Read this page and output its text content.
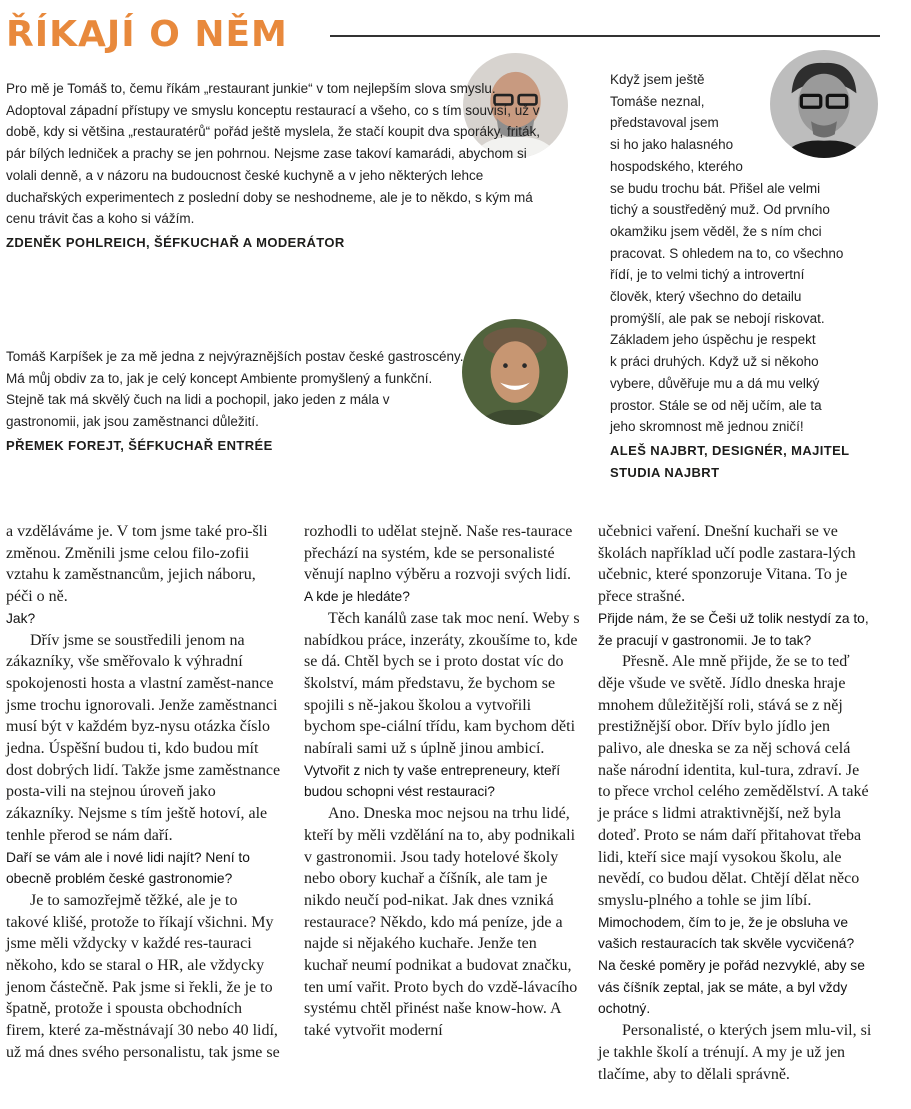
ŘÍKAJÍ O NĚM

Pro mě je Tomáš to, čemu říkám „restaurant junkie“ v tom nejlepším slova smyslu. Adoptoval západní přístupy ve smyslu konceptu restaurací a všeho, co s tím souvisí, už v době, kdy si většina „restauratérů“ pořád ještě myslela, že stačí koupit dva sporáky, friták, pár bílých ledniček a prachy se jen pohrnou. Nejsme zase takoví kamarádi, abychom si volali denně, a v názoru na budoucnost české kuchyně a v jeho některých lehce duchařských experimentech z poslední doby se neshodneme, ale je to někdo, s kým má cenu trávit čas a koho si vážím.

ZDENĚK POHLREICH, ŠÉFKUCHAŘ A MODERÁTOR

Tomáš Karpíšek je za mě jedna z nejvýraznějších postav české gastroscény. Má můj obdiv za to, jak je celý koncept Ambiente promyšlený a funkční. Stejně tak má skvělý čuch na lidi a pochopil, jako jeden z mála v gastronomii, jak jsou zaměstnanci důležití.

PŘEMEK FOREJT, ŠÉFKUCHAŘ ENTRÉE

Když jsem ještě

Tomáše neznal,

představoval jsem

si ho jako halasného

hospodského, kterého

se budu trochu bát. Přišel ale velmi

tichý a soustředěný muž. Od prvního

okamžiku jsem věděl, že s ním chci

pracovat. S ohledem na to, co všechno

řídí, je to velmi tichý a introvertní

člověk, který všechno do detailu

promýšlí, ale pak se nebojí riskovat.

Základem jeho úspěchu je respekt

k práci druhých. Když už si někoho

vybere, důvěřuje mu a dá mu velký

prostor. Stále se od něj učím, ale ta

jeho skromnost mě jednou zničí!

ALEŠ NAJBRT, DESIGNÉR, MAJITEL

STUDIA NAJBRT

a vzděláváme je. V tom jsme také pro-šli změnou. Změnili jsme celou filo-zofii vztahu k zaměstnancům, jejich náboru, péči o ně.

Jak?

Dřív jsme se soustředili jenom na zákazníky, vše směřovalo k výhradní spokojenosti hosta a vlastní zaměst-nance jsme trochu ignorovali. Jenže zaměstnanci musí být v každém byz-nysu otázka číslo jedna. Úspěšní budou ti, kdo budou mít dost dobrých lidí. Takže jsme zaměstnance posta-vili na stejnou úroveň jako zákazníky. Nejsme s tím ještě hotoví, ale tenhle přerod se nám daří.

Daří se vám ale i nové lidi najít? Není to obecně problém české gastronomie?

Je to samozřejmě těžké, ale je to takové klišé, protože to říkají všichni. My jsme měli vždycky v každé res-tauraci někoho, kdo se staral o HR, ale vždycky jenom částečně. Pak jsme si řekli, že je to špatně, protože i spousta obchodních firem, které za-městnávají 30 nebo 40 lidí, už má dnes svého personalistu, tak jsme se

rozhodli to udělat stejně. Naše res-taurace přechází na systém, kde se personalisté věnují naplno výběru a rozvoji svých lidí.

A kde je hledáte?

Těch kanálů zase tak moc není. Weby s nabídkou práce, inzeráty, zkoušíme to, kde se dá. Chtěl bych se i proto dostat víc do školství, mám představu, že bychom se spojili s ně-jakou školou a vytvořili bychom spe-ciální třídu, kam bychom děti nabírali sami už s úplně jinou ambicí.

Vytvořit z nich ty vaše entrepreneury, kteří budou schopni vést restauraci?

Ano. Dneska moc nejsou na trhu lidé, kteří by měli vzdělání na to, aby podnikali v gastronomii. Jsou tady hotelové školy nebo obory kuchař a číšník, ale tam je nikdo neučí pod-nikat. Jak dnes vzniká restaurace? Někdo, kdo má peníze, jde a najde si nějakého kuchaře. Jenže ten kuchař neumí podnikat a budovat značku, ten umí vařit. Proto bych do vzdě-lávacího systému chtěl přinést naše know-how. A také vytvořit moderní

učebnici vaření. Dnešní kuchaři se ve školách například učí podle zastara-lých učebnic, které sponzoruje Vitana. To je přece strašné.

Přijde nám, že se Češi už tolik nestydí za to, že pracují v gastronomii. Je to tak?

Přesně. Ale mně přijde, že se to teď děje všude ve světě. Jídlo dneska hraje mnohem důležitější roli, stává se z něj prestižnější obor. Dřív bylo jídlo jen palivo, ale dneska se za něj schová celá naše národní identita, kul-tura, zdraví. Je to přece vrchol celého zemědělství. A také je práce s lidmi atraktivnější, než byla doteď. Proto se nám daří přitahovat třeba lidi, kteří sice mají vysokou školu, ale nevědí, co budou dělat. Chtějí dělat něco smyslu-plného a tohle se jim líbí.

Mimochodem, čím to je, že je obsluha ve vašich restauracích tak skvěle vycvičená? Na české poměry je pořád nezvyklé, aby se vás číšník zeptal, jak se máte, a byl vždy ochotný.

Personalisté, o kterých jsem mlu-vil, si je takhle školí a trénují. A my je už jen tlačíme, aby to dělali správně.
